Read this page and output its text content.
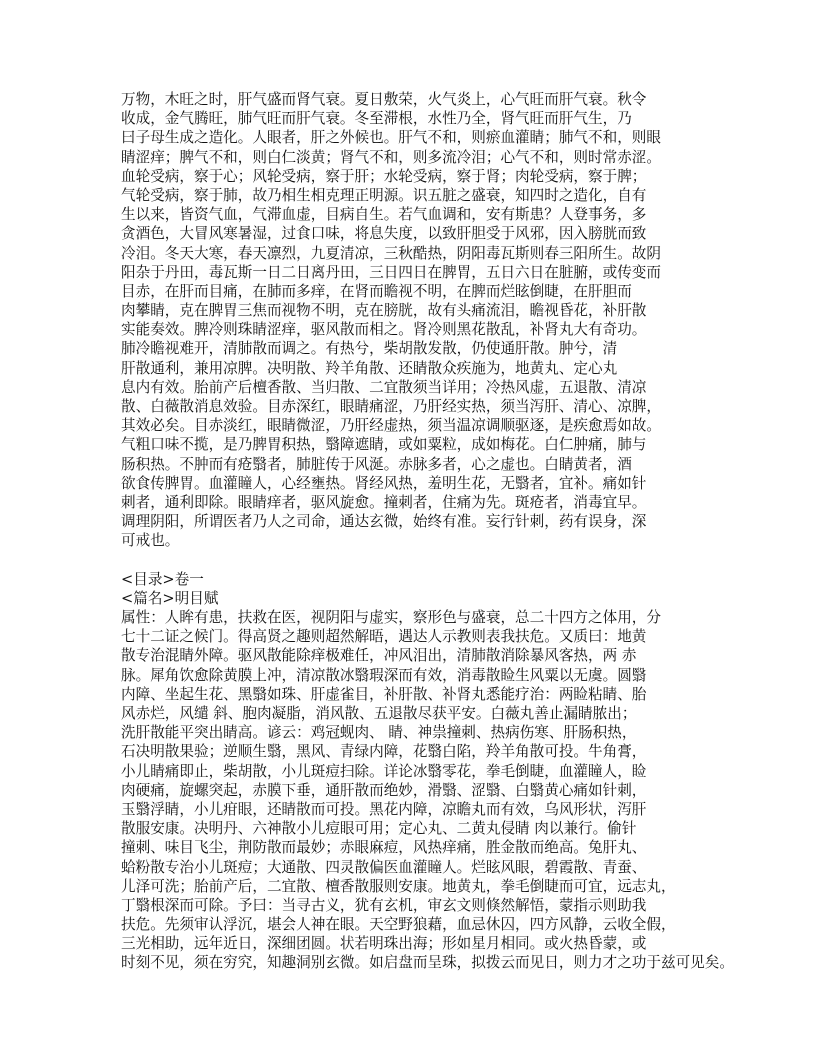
万物，木旺之时，肝气盛而肾气衰。夏日敷荣，火气炎上，心气旺而肝气衰。秋令
收成，金气腾旺，肺气旺而肝气衰。冬至滞根，水性乃全，肾气旺而肝气生，乃
曰子母生成之造化。人眼者，肝之外候也。肝气不和，则瘀血灌睛；肺气不和，则眼
睛涩痒；脾气不和，则白仁淡黄；肾气不和，则多流冷泪；心气不和，则时常赤涩。
血轮受病，察于心；风轮受病，察于肝；水轮受病，察于肾；肉轮受病，察于脾；
气轮受病，察于肺，故乃相生相克理正明源。识五脏之盛衰，知四时之造化，自有
生以来，皆资气血，气滞血虚，目病自生。若气血调和，安有斯患？人登事务，多
贪酒色，大冒风寒暑湿，过食口味，将息失度，以致肝胆受于风邪，因入膀胱而致
冷泪。冬天大寒，春天凛烈，九夏清凉，三秋酷热，阴阳毒瓦斯则春三阳所生。故阴
阳杂于丹田，毒瓦斯一日二日离丹田，三日四日在脾胃，五日六日在脏腑，或传变而
目赤，在肝而目痛，在肺而多痒，在肾而瞻视不明，在脾而烂眩倒睫，在肝胆而
肉攀睛，克在脾胃三焦而视物不明，克在膀胱，故有头痛流泪，瞻视昏花，补肝散
实能奏效。脾冷则珠睛涩痒，驱风散而相之。肾冷则黑花散乱，补肾丸大有奇功。
肺冷瞻视难开，清肺散而调之。有热兮，柴胡散发散，仍使通肝散。肿兮，清
肝散通利，兼用凉脾。决明散、羚羊角散、还睛散众疾施为，地黄丸、定心丸
息内有效。胎前产后檀香散、当归散、二宜散须当详用；冷热风虚，五退散、清凉
散、白薇散消息效验。目赤深红，眼睛痛涩，乃肝经实热，须当泻肝、清心、凉脾，
其效必矣。目赤淡红，眼睛微涩，乃肝经虚热，须当温凉调顺驱逐，是疾愈焉如故。
气粗口味不揽，是乃脾胃积热，翳障遮睛，或如粟粒，成如梅花。白仁肿痛，肺与
肠积热。不肿而有疮翳者，肺脏传于风涎。赤脉多者，心之虚也。白睛黄者，酒
欲食传脾胃。血灌瞳人，心经壅热。肾经风热，羞明生花，无翳者，宜补。痛如针
刺者，通利即除。眼睛痒者，驱风旋愈。撞刺者，住痛为先。斑疮者，消毒宜早。
调理阴阳，所谓医者乃人之司命，通达玄微，始终有准。妄行针刺，药有误身，深
可戒也。
<目录>卷一
<篇名>明目赋
属性：人眸有患，扶救在医，视阴阳与虚实，察形色与盛衰，总二十四方之体用，分
七十二证之候门。得高贤之趣则超然解晤，遇达人示教则表我扶危。又质曰：地黄
散专治混睛外障。驱风散能除痒极难任，冲风泪出，清肺散消除暴风客热，两 赤
脉。犀角饮愈除黄膜上冲，清凉散冰翳瑕深而有效，消毒散睑生风粟以无虞。圆翳
内障、坐起生花、黑翳如珠、肝虚雀目，补肝散、补肾丸悉能疗治：两睑粘睛、胎
风赤烂，风缱 斜、胞肉凝脂，消风散、五退散尽获平安。白薇丸善止漏睛脓出；
洗肝散能平突出睛高。谚云：鸡冠蚬肉、 睛、神祟撞刺、热病伤寒、肝肠积热，
石决明散果验；逆顺生翳，黑风、青绿内障，花翳白陷，羚羊角散可投。牛角膏，
小儿睛痛即止，柴胡散，小儿斑痘扫除。详论冰翳零花，拳毛倒睫，血灌瞳人，睑
肉硬痛，旋螺突起，赤膜下垂，通肝散而绝妙，滑翳、涩翳、白翳黄心痛如针刺，
玉翳浮睛，小儿疳眼，还睛散而可投。黑花内障，凉瞻丸而有效，乌风形状，泻肝
散服安康。决明丹、六神散小儿痘眼可用；定心丸、二黄丸侵睛 肉以兼行。偷针
撞刺、味目飞尘，荆防散而最妙；赤眼麻痘，风热痒痛，胜金散而绝高。兔肝丸、
蛤粉散专治小儿斑痘；大通散、四灵散偏医血灌瞳人。烂眩风眼，碧霞散、青蚕、
儿泽可洗；胎前产后，二宜散、檀香散服则安康。地黄丸，拳毛倒睫而可宜，远志丸，
丁翳根深而可除。予曰：当寻古义，犹有玄机，审玄文则倏然解悟，蒙指示则助我
扶危。先须审认浮沉，堪会人神在眼。天空野狼藉，血忌休囚，四方风静，云收全假，
三光相助，远年近日，深细团圆。状若明珠出海；形如星月相同。或火热昏蒙，或
时刻不见，须在穷究，知趣洞别玄微。如启盘而呈珠，拟拨云而见日，则力才之功于兹可见矣。
